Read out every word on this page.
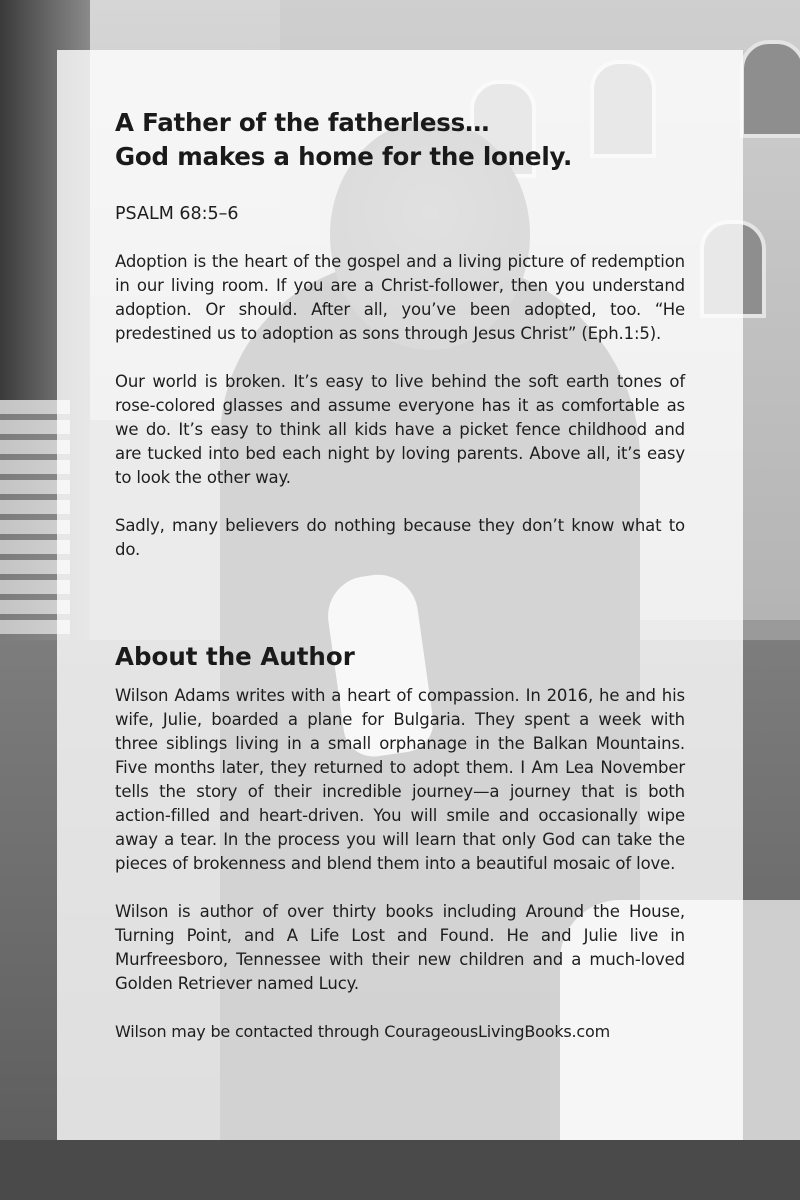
A Father of the fatherless…
God makes a home for the lonely.

PSALM 68:5–6

Adoption is the heart of the gospel and a living picture of redemption in our living room. If you are a Christ-follower, then you understand adoption. Or should. After all, you’ve been adopted, too. “He predestined us to adoption as sons through Jesus Christ” (Eph.1:5).

Our world is broken. It’s easy to live behind the soft earth tones of rose-colored glasses and assume everyone has it as comfortable as we do. It’s easy to think all kids have a picket fence childhood and are tucked into bed each night by loving parents. Above all, it’s easy to look the other way.

Sadly, many believers do nothing because they don’t know what to do.

About the Author

Wilson Adams writes with a heart of compassion. In 2016, he and his wife, Julie, boarded a plane for Bulgaria. They spent a week with three siblings living in a small orphanage in the Balkan Mountains. Five months later, they returned to adopt them. I Am Lea November tells the story of their incredible journey—a journey that is both action-filled and heart-driven. You will smile and occasionally wipe away a tear. In the process you will learn that only God can take the pieces of brokenness and blend them into a beautiful mosaic of love.

Wilson is author of over thirty books including Around the House, Turning Point, and A Life Lost and Found. He and Julie live in Murfreesboro, Tennessee with their new children and a much-loved Golden Retriever named Lucy.

Wilson may be contacted through CourageousLivingBooks.com
